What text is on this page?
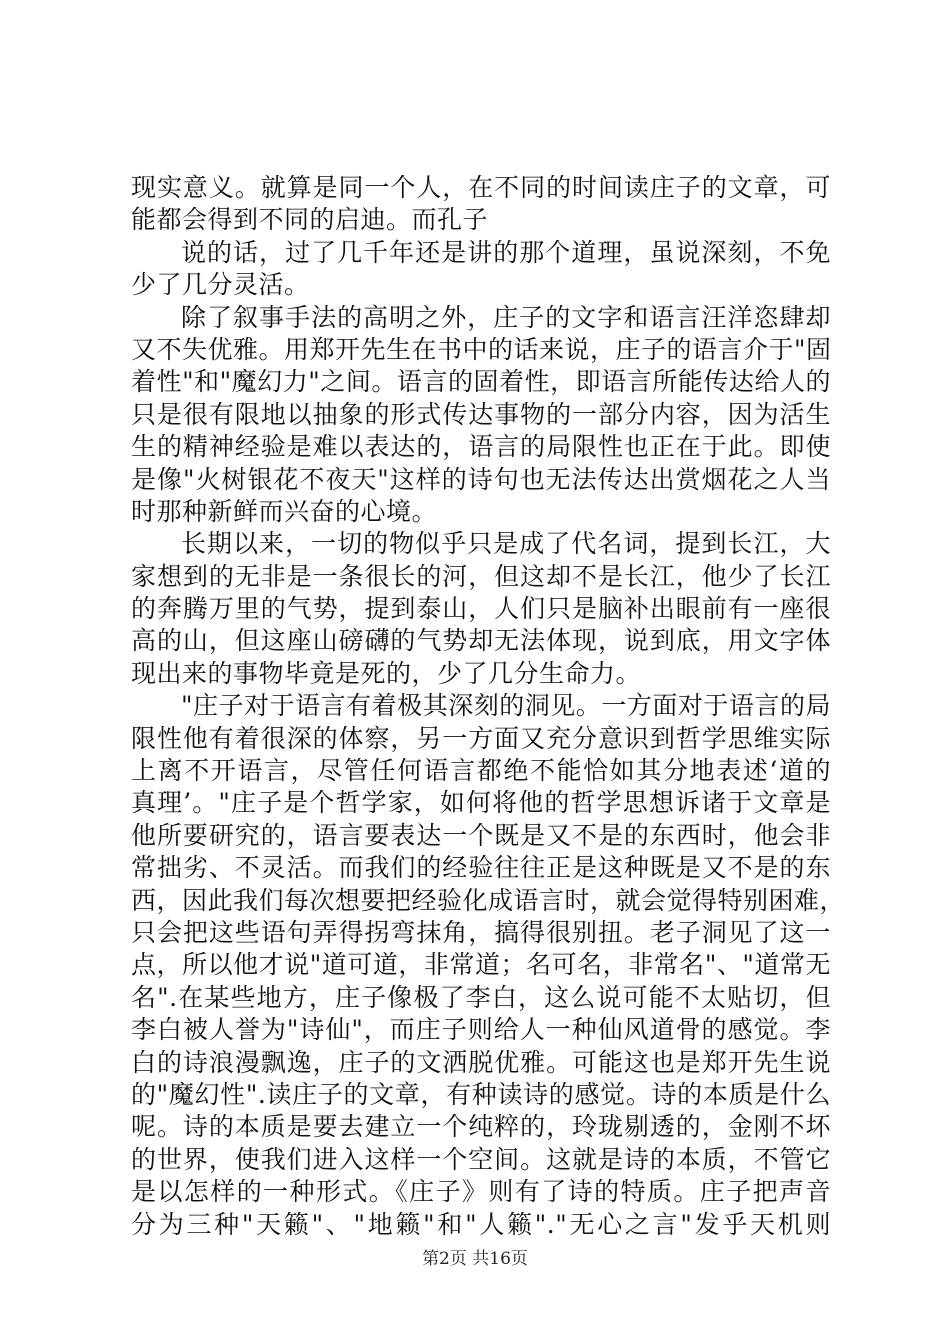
现实意义。就算是同一个人，在不同的时间读庄子的文章，可
能都会得到不同的启迪。而孔子
说的话，过了几千年还是讲的那个道理，虽说深刻，不免
少了几分灵活。
除了叙事手法的高明之外，庄子的文字和语言汪洋恣肆却
又不失优雅。用郑开先生在书中的话来说，庄子的语言介于"固
着性"和"魔幻力"之间。语言的固着性，即语言所能传达给人的
只是很有限地以抽象的形式传达事物的一部分内容，因为活生
生的精神经验是难以表达的，语言的局限性也正在于此。即使
是像"火树银花不夜天"这样的诗句也无法传达出赏烟花之人当
时那种新鲜而兴奋的心境。
长期以来，一切的物似乎只是成了代名词，提到长江，大
家想到的无非是一条很长的河，但这却不是长江，他少了长江
的奔腾万里的气势，提到泰山，人们只是脑补出眼前有一座很
高的山，但这座山磅礴的气势却无法体现，说到底，用文字体
现出来的事物毕竟是死的，少了几分生命力。
"庄子对于语言有着极其深刻的洞见。一方面对于语言的局
限性他有着很深的体察，另一方面又充分意识到哲学思维实际
上离不开语言，尽管任何语言都绝不能恰如其分地表述‘道的
真理’。"庄子是个哲学家，如何将他的哲学思想诉诸于文章是
他所要研究的，语言要表达一个既是又不是的东西时，他会非
常拙劣、不灵活。而我们的经验往往正是这种既是又不是的东
西，因此我们每次想要把经验化成语言时，就会觉得特别困难，
只会把这些语句弄得拐弯抹角，搞得很别扭。老子洞见了这一
点，所以他才说"道可道，非常道；名可名，非常名"、"道常无
名".在某些地方，庄子像极了李白，这么说可能不太贴切，但
李白被人誉为"诗仙"，而庄子则给人一种仙风道骨的感觉。李
白的诗浪漫飘逸，庄子的文洒脱优雅。可能这也是郑开先生说
的"魔幻性".读庄子的文章，有种读诗的感觉。诗的本质是什么
呢。诗的本质是要去建立一个纯粹的，玲珑剔透的，金刚不坏
的世界，使我们进入这样一个空间。这就是诗的本质，不管它
是以怎样的一种形式。《庄子》则有了诗的特质。庄子把声音
分为三种"天籁"、"地籁"和"人籁"."无心之言"发乎天机则
第2页 共16页
